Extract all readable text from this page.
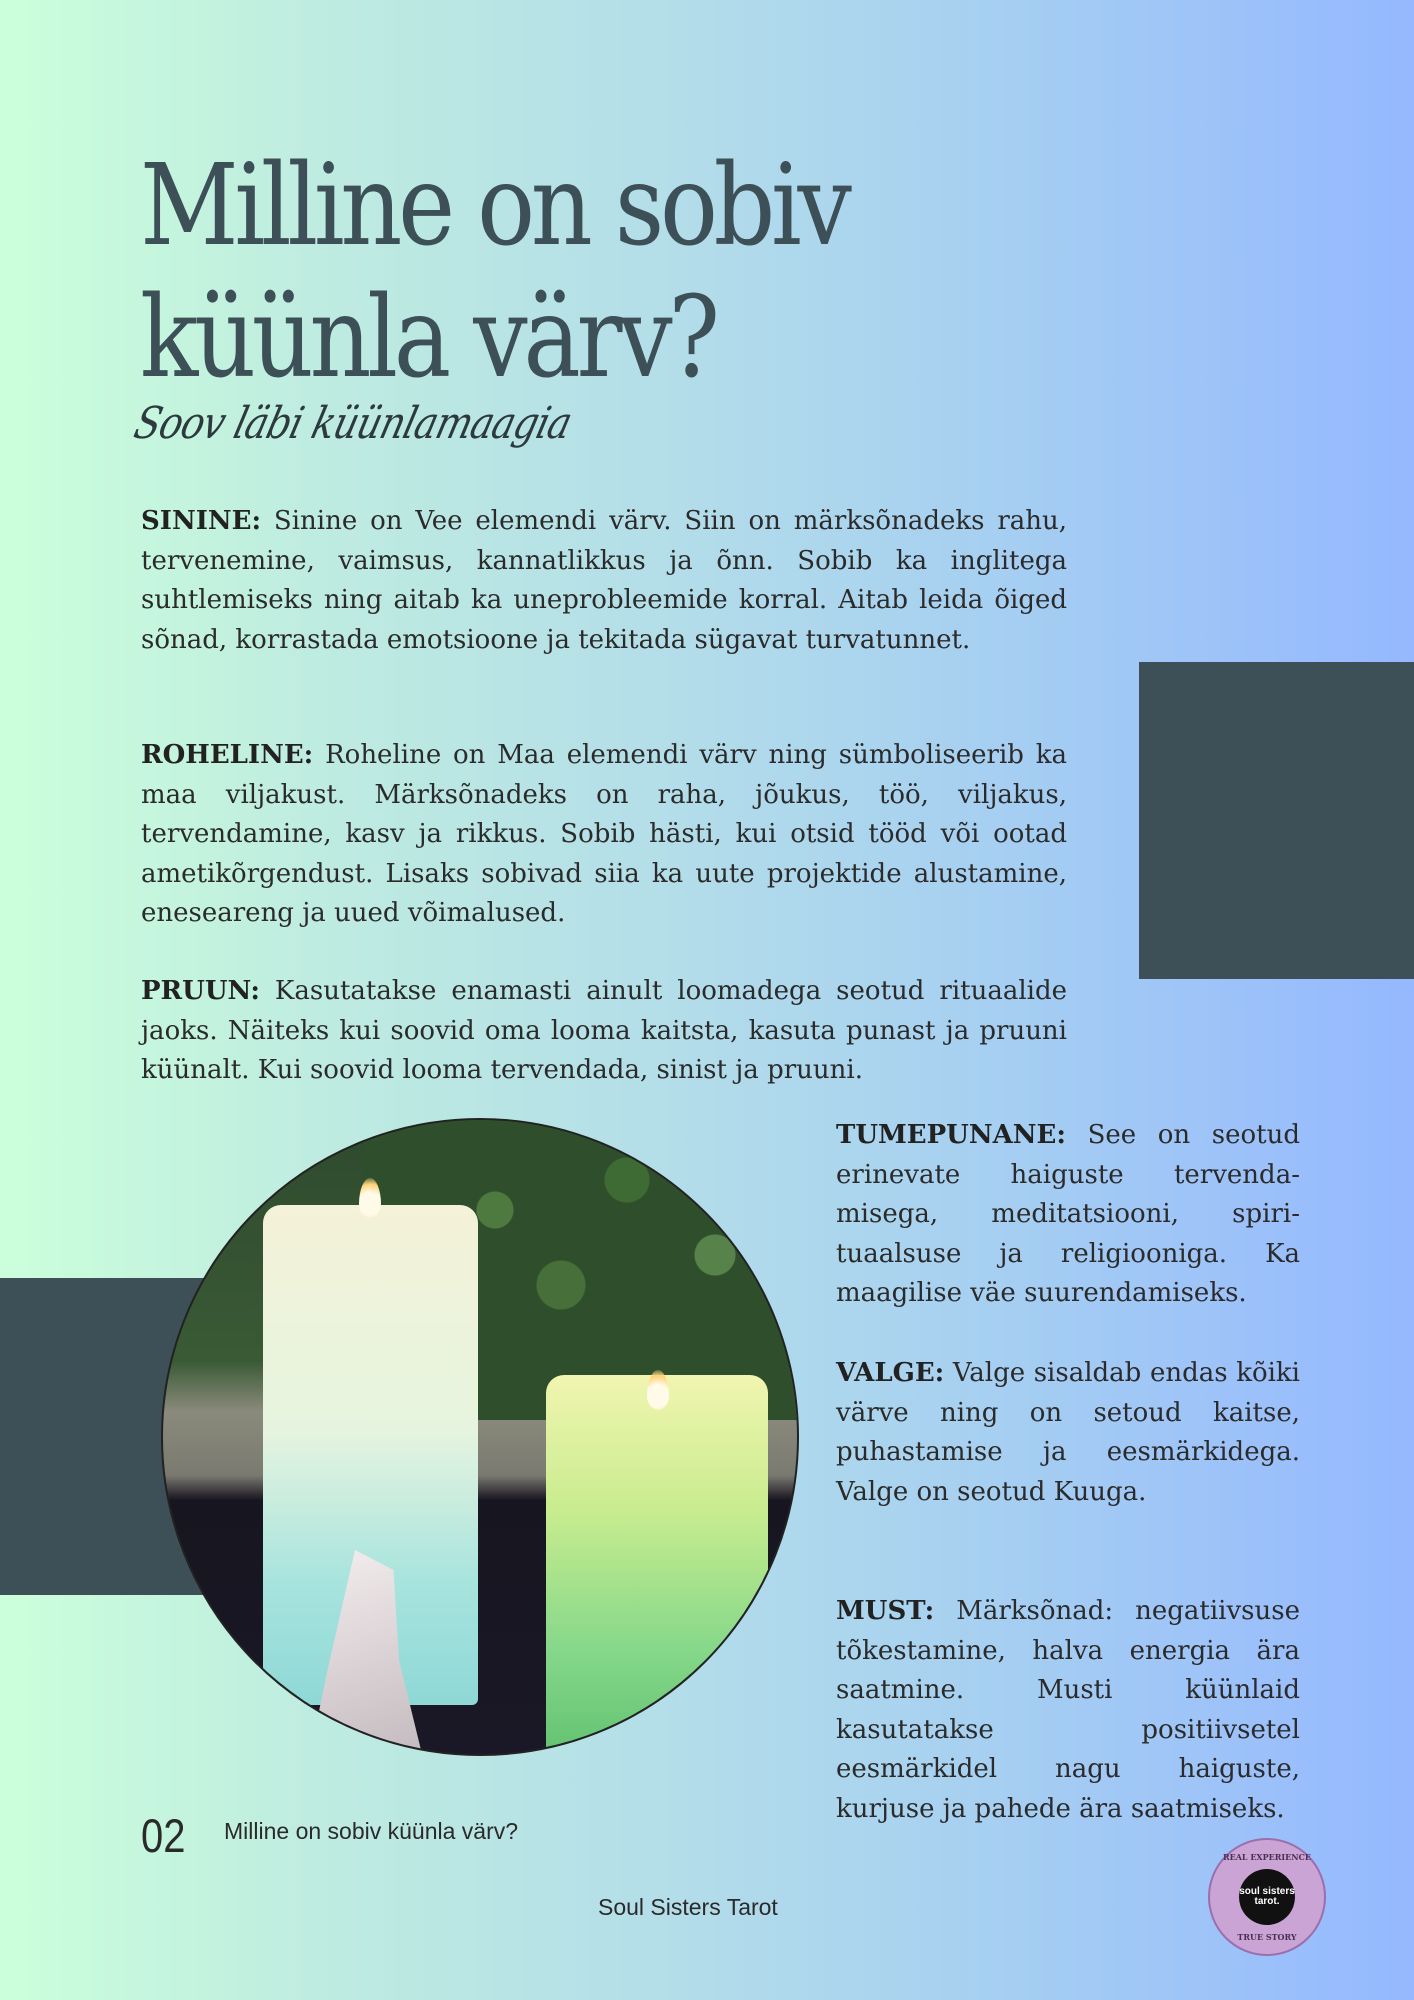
Milline on sobiv
küünla värv?
Soov läbi küünlamaagia

SININE: Sinine on Vee elemendi värv. Siin on märksõnadeks rahu, tervenemine, vaimsus, kannatlikkus ja õnn. Sobib ka inglitega suhtlemiseks ning aitab ka uneprobleemide korral. Aitab leida õiged sõnad, korrastada emotsioone ja tekitada sügavat turvatunnet.

ROHELINE: Roheline on Maa elemendi värv ning sümboliseerib ka maa viljakust. Märksõnadeks on raha, jõukus, töö, viljakus, tervendamine, kasv ja rikkus. Sobib hästi, kui otsid tööd või ootad ametikõrgendust. Lisaks sobivad siia ka uute projektide alustamine, eneseareng ja uued võimalused.

PRUUN: Kasutatakse enamasti ainult loomadega seotud rituaalide jaoks. Näiteks kui soovid oma looma kaitsta, kasuta punast ja pruuni küünalt. Kui soovid looma tervendada, sinist ja pruuni.

TUMEPUNANE: See on seotud erinevate haiguste tervendamisega, meditatsiooni, spirituaalsuse ja religiooniga. Ka maagilise väe suurendamiseks.

VALGE: Valge sisaldab endas kõiki värve ning on setoud kaitse, puhastamise ja eesmärkidega. Valge on seotud Kuuga.

MUST: Märksõnad: negatiivsuse tõkestamine, halva energia ära saatmine. Musti küünlaid kasutatakse positiivsetel eesmärkidel nagu haiguste, kurjuse ja pahede ära saatmiseks.

02 Milline on sobiv küünla värv?
Soul Sisters Tarot
REAL EXPERIENCE
soul sisters tarot.
TRUE STORY
